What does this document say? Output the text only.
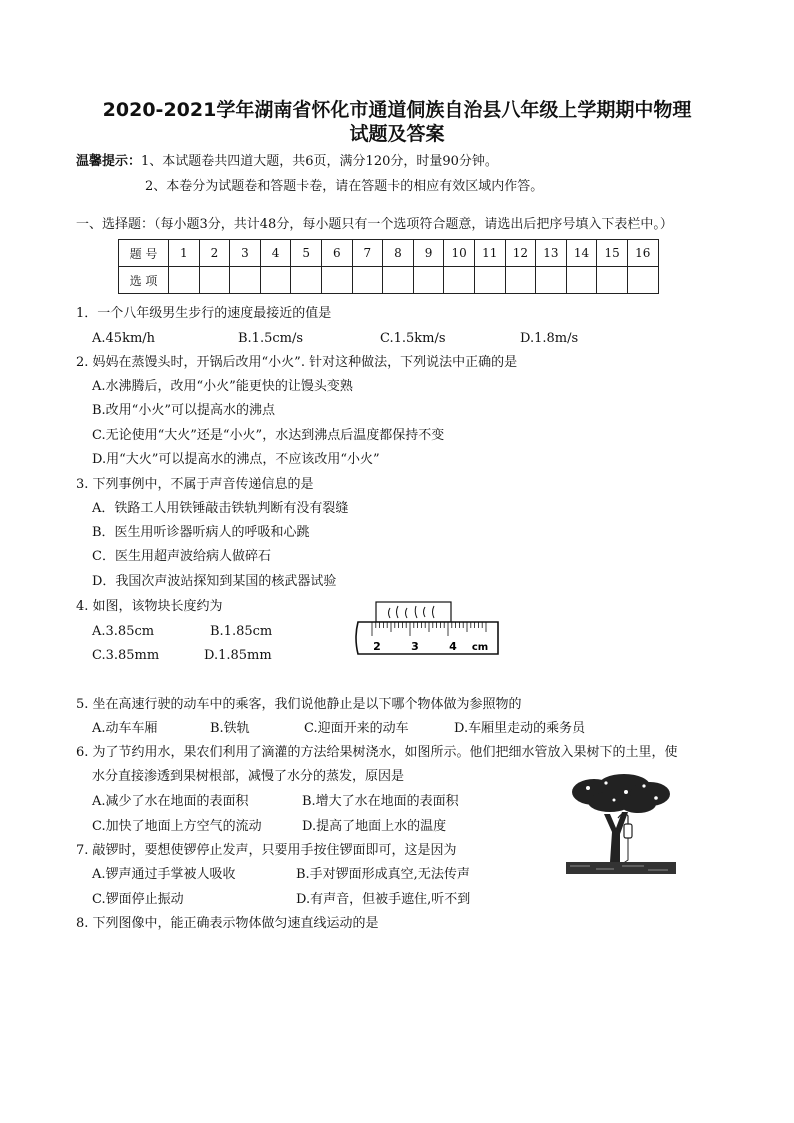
2020-2021学年湖南省怀化市通道侗族自治县八年级上学期期中物理
试题及答案
温馨提示：1、本试题卷共四道大题，共6页，满分120分，时量90分钟。
2、本卷分为试题卷和答题卡卷，请在答题卡的相应有效区域内作答。
一、选择题：（每小题3分，共计48分，每小题只有一个选项符合题意，请选出后把序号填入下表栏中。）
题 号	1	2	3	4	5	6	7	8	9	10	11	12	13	14	15	16
选 项																
1．一个八年级男生步行的速度最接近的值是
A.45km/h	B.1.5cm/s	C.1.5km/s	D.1.8m/s
2. 妈妈在蒸馒头时，开锅后改用“小火”. 针对这种做法，下列说法中正确的是
A.水沸腾后，改用“小火”能更快的让馒头变熟
B.改用“小火”可以提高水的沸点
C.无论使用“大火”还是“小火”，水达到沸点后温度都保持不变
D.用“大火”可以提高水的沸点，不应该改用“小火”
3. 下列事例中，不属于声音传递信息的是
A．铁路工人用铁锤敲击铁轨判断有没有裂缝
B．医生用听诊器听病人的呼吸和心跳
C．医生用超声波给病人做碎石
D．我国次声波站探知到某国的核武器试验
4. 如图，该物块长度约为
A.3.85cm	B.1.85cm
C.3.85mm	D.1.85mm
2	3	4 cm
5. 坐在高速行驶的动车中的乘客，我们说他静止是以下哪个物体做为参照物的
A.动车车厢	B.铁轨	C.迎面开来的动车	D.车厢里走动的乘务员
6. 为了节约用水，果农们利用了滴灌的方法给果树浇水，如图所示。他们把细水管放入果树下的土里，使
水分直接渗透到果树根部，减慢了水分的蒸发，原因是
A.减少了水在地面的表面积	B.增大了水在地面的表面积
C.加快了地面上方空气的流动	D.提高了地面上水的温度
7. 敲锣时，要想使锣停止发声，只要用手按住锣面即可，这是因为
A.锣声通过手掌被人吸收	B.手对锣面形成真空,无法传声
C.锣面停止振动	D.有声音，但被手遮住,听不到
8. 下列图像中，能正确表示物体做匀速直线运动的是
